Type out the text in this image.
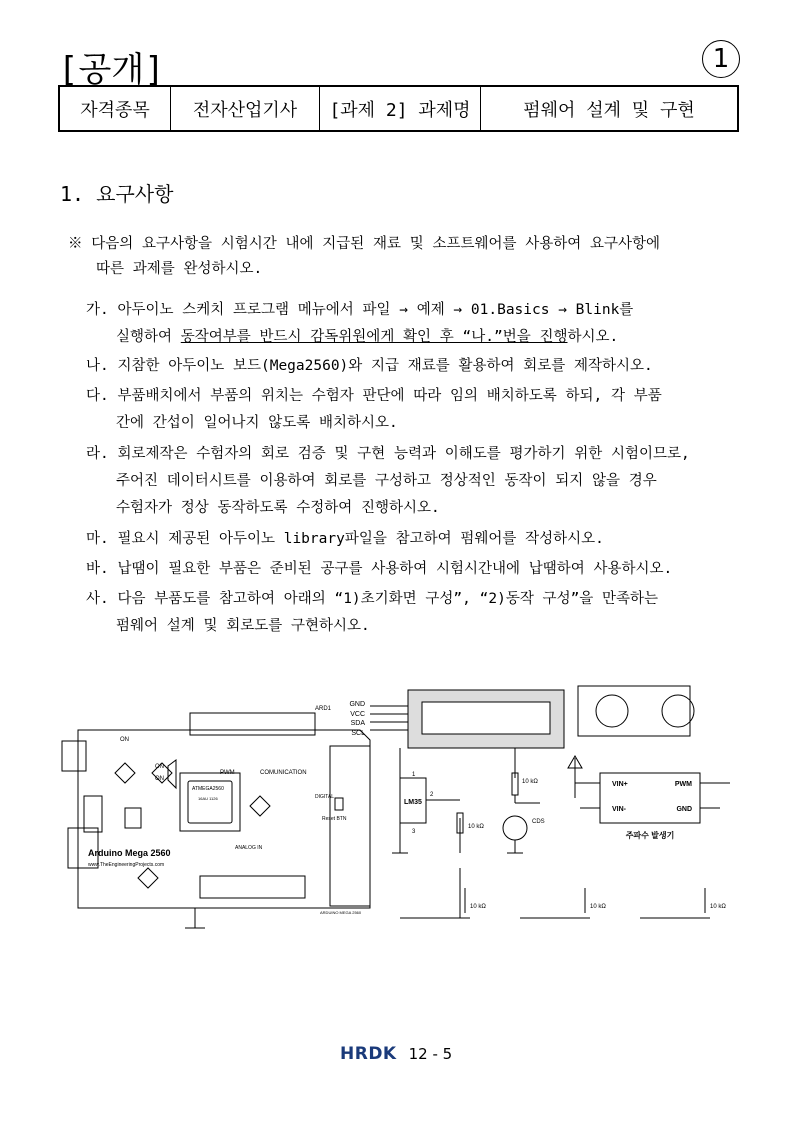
[공개]	1
자격종목	전자산업기사	[과제 2] 과제명	펌웨어 설계 및 구현
1. 요구사항
※ 다음의 요구사항을 시험시간 내에 지급된 재료 및 소프트웨어를 사용하여 요구사항에
따른 과제를 완성하시오.
가. 아두이노 스케치 프로그램 메뉴에서 파일 → 예제 → 01.Basics → Blink를
실행하여 동작여부를 반드시 감독위원에게 확인 후 “나.”번을 진행하시오.
나. 지참한 아두이노 보드(Mega2560)와 지급 재료를 활용하여 회로를 제작하시오.
다. 부품배치에서 부품의 위치는 수험자 판단에 따라 임의 배치하도록 하되, 각 부품
간에 간섭이 일어나지 않도록 배치하시오.
라. 회로제작은 수험자의 회로 검증 및 구현 능력과 이해도를 평가하기 위한 시험이므로,
주어진 데이터시트를 이용하여 회로를 구성하고 정상적인 동작이 되지 않을 경우
수험자가 정상 동작하도록 수정하여 진행하시오.
마. 필요시 제공된 아두이노 library파일을 참고하여 펌웨어를 작성하시오.
바. 납땜이 필요한 부품은 준비된 공구를 사용하여 시험시간내에 납땜하여 사용하시오.
사. 다음 부품도를 참고하여 아래의 “1)초기화면 구성”, “2)동작 구성”을 만족하는
펌웨어 설계 및 회로도를 구현하시오.
ON
ON
ON
ARD1
PWM	COMUNICATION
DIGITAL
ATMEGA2560
16AU 1126
Reset BTN
ANALOG IN
Arduino Mega 2560
www.TheEngineeringProjects.com
ARDUINO MEGA 2560
GND
VCC
SDA
SCL
LM35
1
2
3
10 kΩ
10 kΩ
CDS
VIN+
VIN-
PWM
GND
주파수 발생기
10 kΩ	10 kΩ	10 kΩ
HRDK 12 - 5
